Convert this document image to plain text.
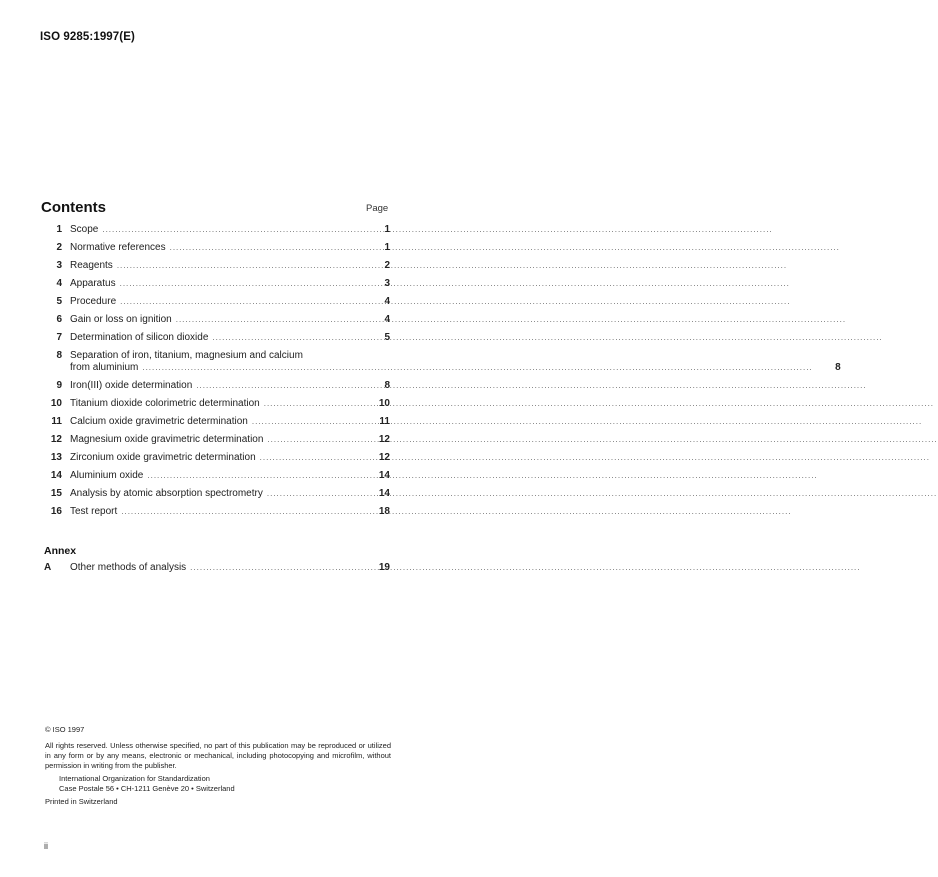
ISO 9285:1997(E)
Contents	Page
1 Scope .....	1
2 Normative references .....	1
3 Reagents .....	2
4 Apparatus .....	3
5 Procedure .....	4
6 Gain or loss on ignition .....	4
7 Determination of silicon dioxide .....	5
8 Separation of iron, titanium, magnesium and calcium
from aluminium .....	8
9 Iron(III) oxide determination .....	8
10 Titanium dioxide colorimetric determination .....	10
11 Calcium oxide gravimetric determination .....	11
12 Magnesium oxide gravimetric determination .....	12
13 Zirconium oxide gravimetric determination .....	12
14 Aluminium oxide .....	14
15 Analysis by atomic absorption spectrometry .....	14
16 Test report .....	18
Annex
A	Other methods of analysis .....	19
© ISO 1997
All rights reserved. Unless otherwise specified, no part of this publication may be reproduced or utilized in any form or by any means, electronic or mechanical, including photocopying and microfilm, without permission in writing from the publisher.
International Organization for Standardization
Case Postale 56 • CH-1211 Genève 20 • Switzerland
Printed in Switzerland
ii
